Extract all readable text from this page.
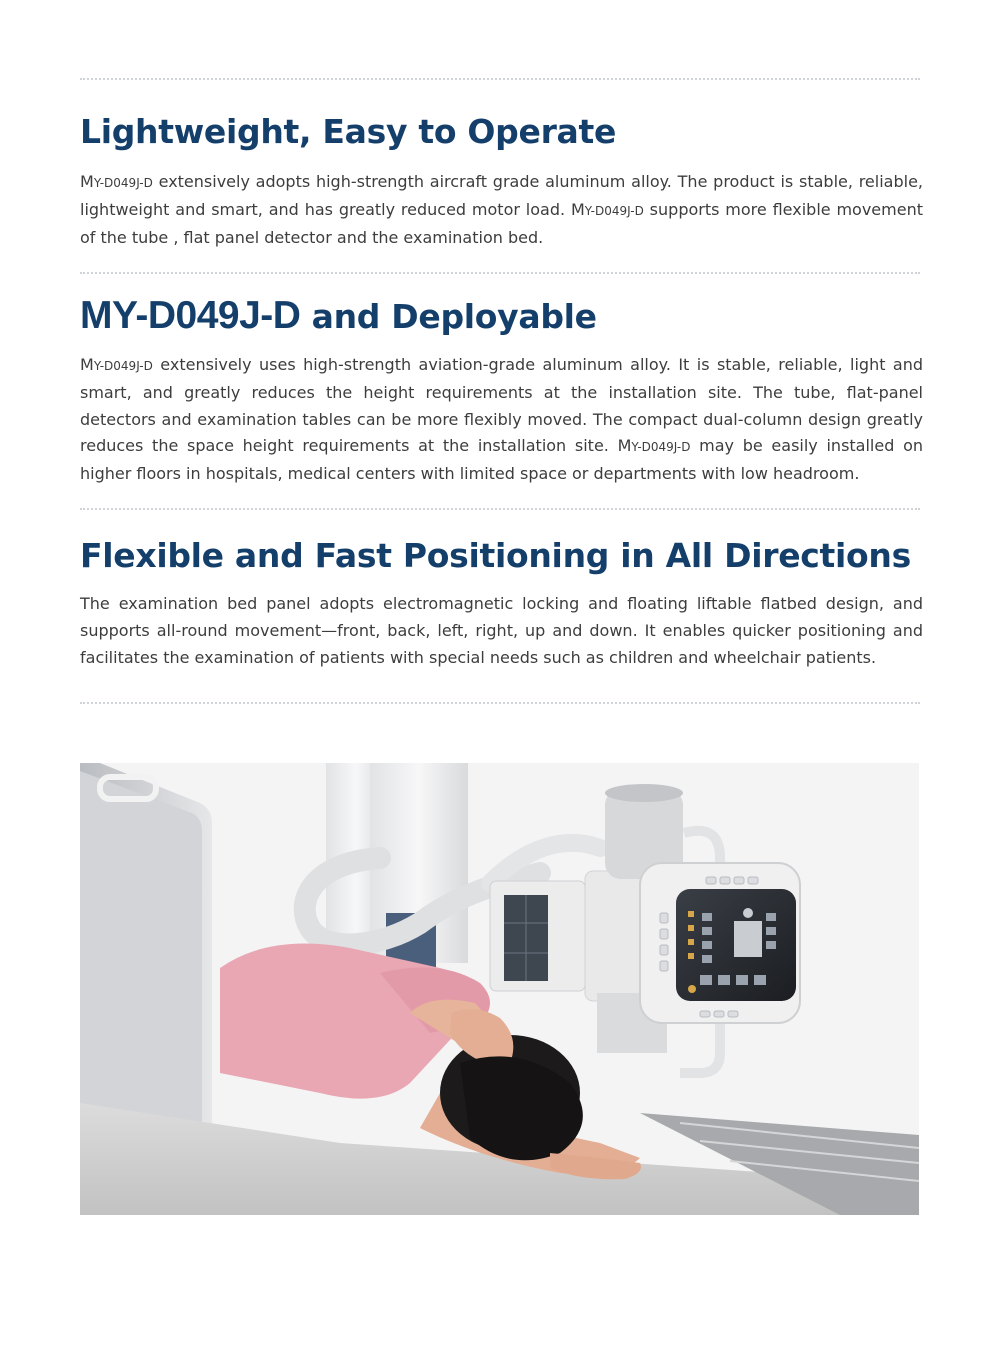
Lightweight, Easy to Operate

MY-D049J-D extensively adopts high-strength aircraft grade aluminum alloy. The product is stable, reliable, lightweight and smart, and has greatly reduced motor load. MY-D049J-D supports more flexible movement of the tube , flat panel detector and the examination bed.

MY-D049J-D and Deployable

MY-D049J-D extensively uses high-strength aviation-grade aluminum alloy. It is stable, reliable, light and smart, and greatly reduces the height requirements at the installation site. The tube, flat-panel detectors and examination tables can be more flexibly moved. The compact dual-column design greatly reduces the space height requirements at the installation site. MY-D049J-D may be easily installed on higher floors in hospitals, medical centers with limited space or departments with low headroom.

Flexible and Fast Positioning in All Directions

The examination bed panel adopts electromagnetic locking and floating liftable flatbed design, and supports all-round movement—front, back, left, right, up and down. It enables quicker positioning and facilitates the examination of patients with special needs such as children and wheelchair patients.
